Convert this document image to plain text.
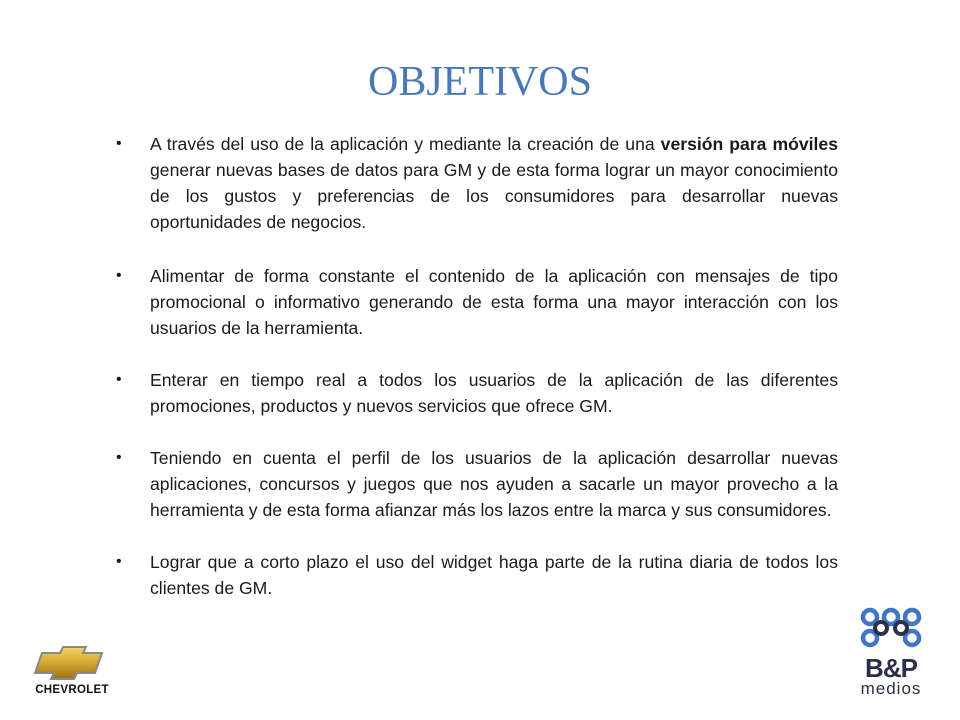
OBJETIVOS
• A través del uso de la aplicación y mediante la creación de una versión para móviles generar nuevas bases de datos para GM y de esta forma lograr un mayor conocimiento de los gustos y preferencias de los consumidores para desarrollar nuevas oportunidades de negocios.
• Alimentar de forma constante el contenido de la aplicación con mensajes de tipo promocional o informativo generando de esta forma una mayor interacción con los usuarios de la herramienta.
• Enterar en tiempo real a todos los usuarios de la aplicación de las diferentes promociones, productos y nuevos servicios que ofrece GM.
• Teniendo en cuenta el perfil de los usuarios de la aplicación desarrollar nuevas aplicaciones, concursos y juegos que nos ayuden a sacarle un mayor provecho a la herramienta y de esta forma afianzar más los lazos entre la marca y sus consumidores.
• Lograr que a corto plazo el uso del widget haga parte de la rutina diaria de todos los clientes de GM.
CHEVROLET
B&P
medios
